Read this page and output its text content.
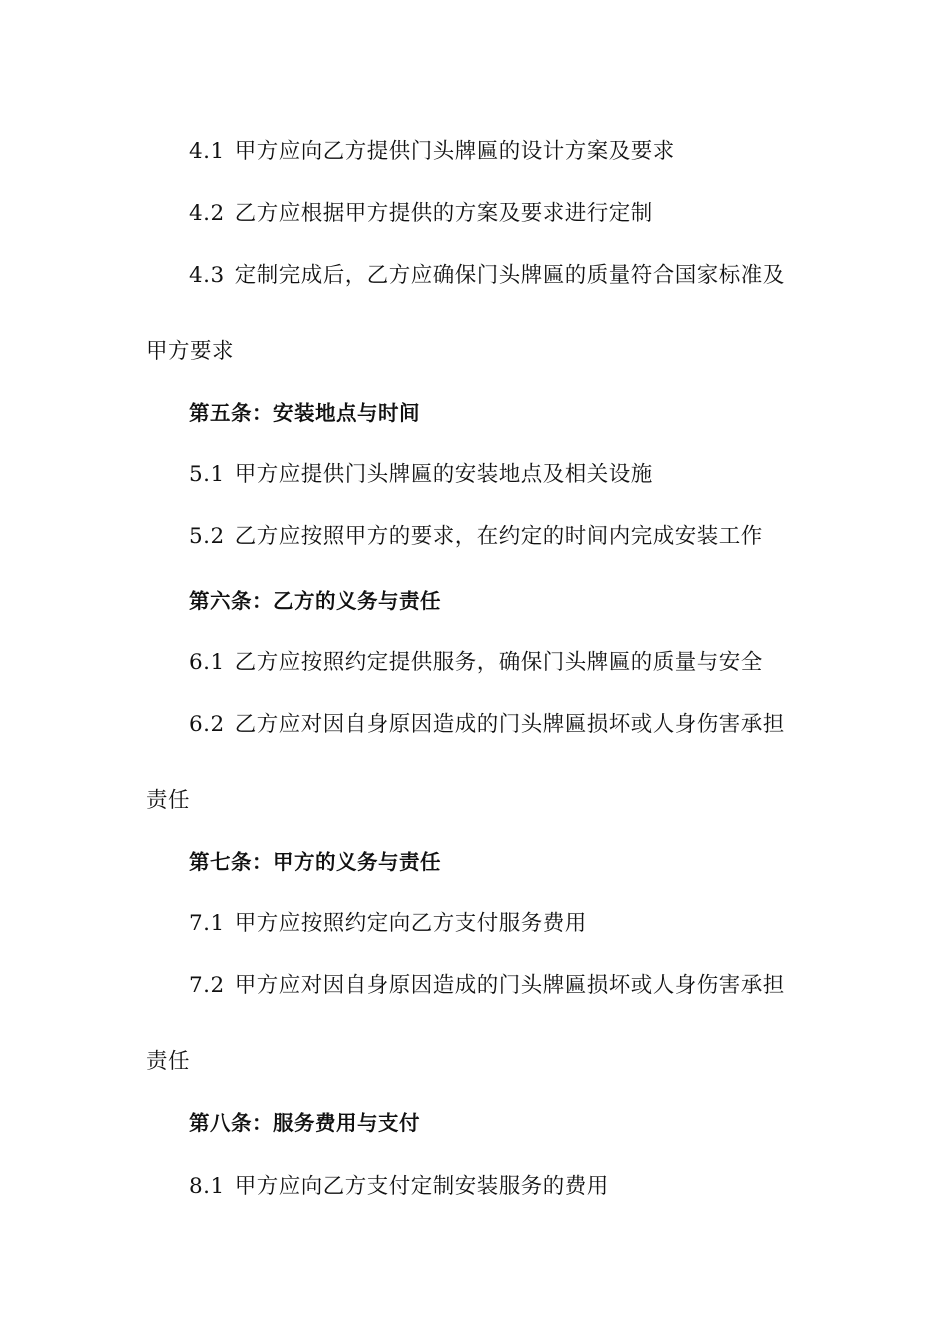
4.1 甲方应向乙方提供门头牌匾的设计方案及要求
4.2 乙方应根据甲方提供的方案及要求进行定制
4.3 定制完成后，乙方应确保门头牌匾的质量符合国家标准及
甲方要求
第五条：安装地点与时间
5.1 甲方应提供门头牌匾的安装地点及相关设施
5.2 乙方应按照甲方的要求，在约定的时间内完成安装工作
第六条：乙方的义务与责任
6.1 乙方应按照约定提供服务，确保门头牌匾的质量与安全
6.2 乙方应对因自身原因造成的门头牌匾损坏或人身伤害承担
责任
第七条：甲方的义务与责任
7.1 甲方应按照约定向乙方支付服务费用
7.2 甲方应对因自身原因造成的门头牌匾损坏或人身伤害承担
责任
第八条：服务费用与支付
8.1 甲方应向乙方支付定制安装服务的费用
